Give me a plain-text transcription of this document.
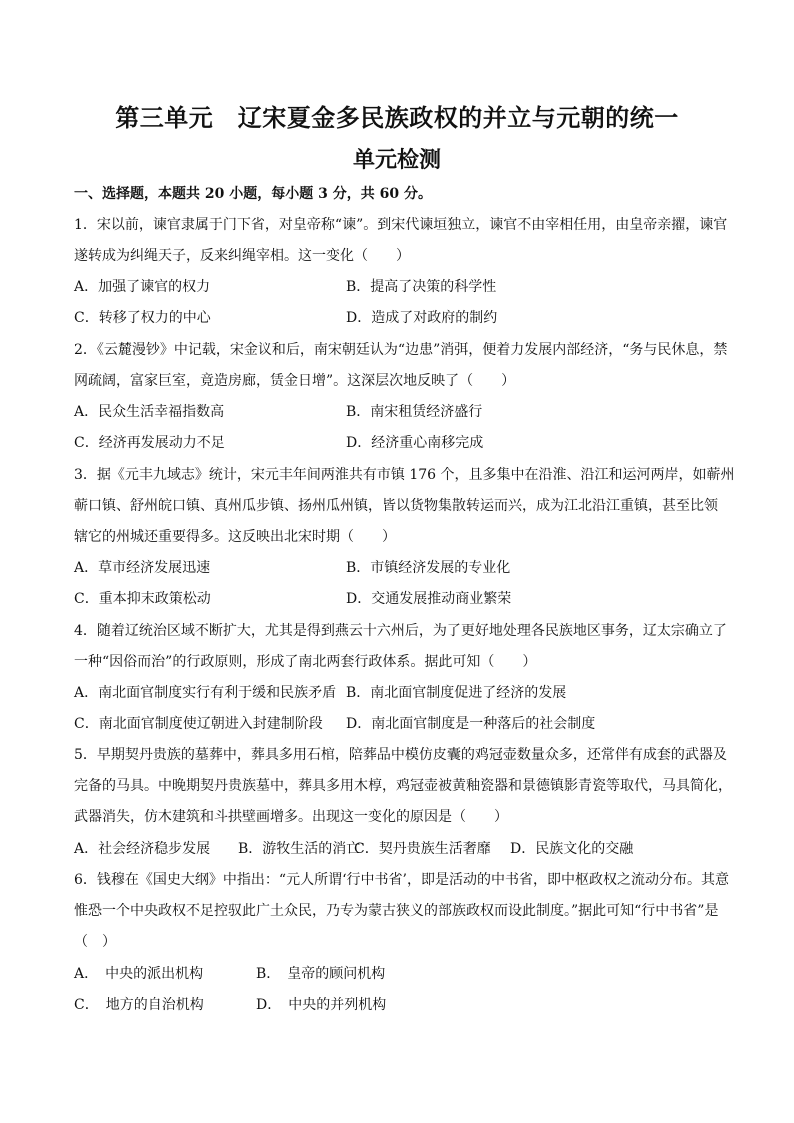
第三单元　辽宋夏金多民族政权的并立与元朝的统一
单元检测
一、选择题，本题共 20 小题，每小题 3 分，共 60 分。
1．宋以前，谏官隶属于门下省，对皇帝称“谏”。到宋代谏垣独立，谏官不由宰相任用，由皇帝亲擢，谏官
遂转成为纠绳天子，反来纠绳宰相。这一变化（　　）
A．加强了谏官的权力	B．提高了决策的科学性
C．转移了权力的中心	D．造成了对政府的制约
2．《云麓漫钞》中记载，宋金议和后，南宋朝廷认为“边患”消弭，便着力发展内部经济，“务与民休息，禁
网疏阔，富家巨室，竟造房廊，赁金日增”。这深层次地反映了（　　）
A．民众生活幸福指数高	B．南宋租赁经济盛行
C．经济再发展动力不足	D．经济重心南移完成
3．据《元丰九域志》统计，宋元丰年间两淮共有市镇 176 个，且多集中在沿淮、沿江和运河两岸，如蕲州
蕲口镇、舒州皖口镇、真州瓜步镇、扬州瓜州镇，皆以货物集散转运而兴，成为江北沿江重镇，甚至比领
辖它的州城还重要得多。这反映出北宋时期（　　）
A．草市经济发展迅速	B．市镇经济发展的专业化
C．重本抑末政策松动	D．交通发展推动商业繁荣
4．随着辽统治区域不断扩大，尤其是得到燕云十六州后，为了更好地处理各民族地区事务，辽太宗确立了
一种“因俗而治”的行政原则，形成了南北两套行政体系。据此可知（　　）
A．南北面官制度实行有利于缓和民族矛盾 B．南北面官制度促进了经济的发展
C．南北面官制度使辽朝进入封建制阶段 D．南北面官制度是一种落后的社会制度
5．早期契丹贵族的墓葬中，葬具多用石棺，陪葬品中模仿皮囊的鸡冠壶数量众多，还常伴有成套的武器及
完备的马具。中晚期契丹贵族墓中，葬具多用木椁，鸡冠壶被黄釉瓷器和景德镇影青瓷等取代，马具简化，
武器消失，仿木建筑和斗拱壁画增多。出现这一变化的原因是（　　）
A．社会经济稳步发展 B．游牧生活的消亡
C．契丹贵族生活奢靡 D．民族文化的交融
6．钱穆在《国史大纲》中指出：“元人所谓‘行中书省’，即是活动的中书省，即中枢政权之流动分布。其意
惟恐一个中央政权不足控驭此广土众民，乃专为蒙古狭义的部族政权而设此制度。”据此可知“行中书省”是
（　）
A．　中央的派出机构	B．　皇帝的顾问机构
C．　地方的自治机构	D．　中央的并列机构
